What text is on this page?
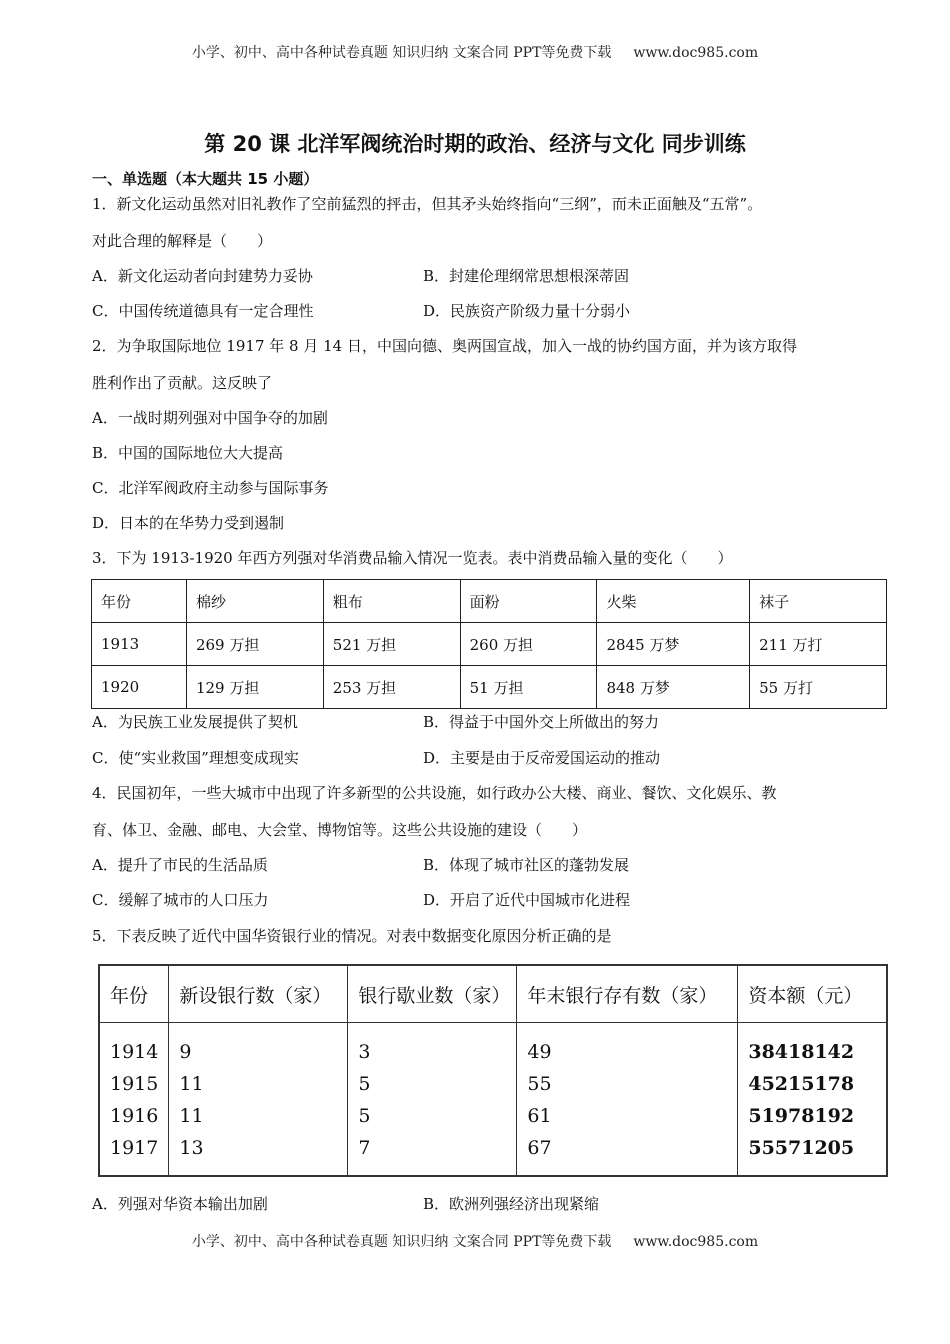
小学、初中、高中各种试卷真题 知识归纳 文案合同 PPT等免费下载 www.doc985.com
第 20 课 北洋军阀统治时期的政治、经济与文化 同步训练
一、单选题（本大题共 15 小题）
1．新文化运动虽然对旧礼教作了空前猛烈的抨击，但其矛头始终指向“三纲”，而未正面触及“五常”。
对此合理的解释是（　　）
A．新文化运动者向封建势力妥协	B．封建伦理纲常思想根深蒂固
C．中国传统道德具有一定合理性	D．民族资产阶级力量十分弱小
2．为争取国际地位 1917 年 8 月 14 日，中国向德、奥两国宣战，加入一战的协约国方面，并为该方取得
胜利作出了贡献。这反映了
A．一战时期列强对中国争夺的加剧
B．中国的国际地位大大提高
C．北洋军阀政府主动参与国际事务
D．日本的在华势力受到遏制
3．下为 1913-1920 年西方列强对华消费品输入情况一览表。表中消费品输入量的变化（　　）
年份	棉纱	粗布	面粉	火柴	袜子
1913	269 万担	521 万担	260 万担	2845 万梦	211 万打
1920	129 万担	253 万担	51 万担	848 万梦	55 万打
A．为民族工业发展提供了契机	B．得益于中国外交上所做出的努力
C．使“实业救国”理想变成现实	D．主要是由于反帝爱国运动的推动
4．民国初年，一些大城市中出现了许多新型的公共设施，如行政办公大楼、商业、餐饮、文化娱乐、教
育、体卫、金融、邮电、大会堂、博物馆等。这些公共设施的建设（　　）
A．提升了市民的生活品质	B．体现了城市社区的蓬勃发展
C．缓解了城市的人口压力	D．开启了近代中国城市化进程
5．下表反映了近代中国华资银行业的情况。对表中数据变化原因分析正确的是
年份	新设银行数（家）	银行歇业数（家）	年末银行存有数（家）	资本额（元）
1914	9	3	49	38418142
1915	11	5	55	45215178
1916	11	5	61	51978192
1917	13	7	67	55571205
A．列强对华资本输出加剧	B．欧洲列强经济出现紧缩
小学、初中、高中各种试卷真题 知识归纳 文案合同 PPT等免费下载 www.doc985.com
